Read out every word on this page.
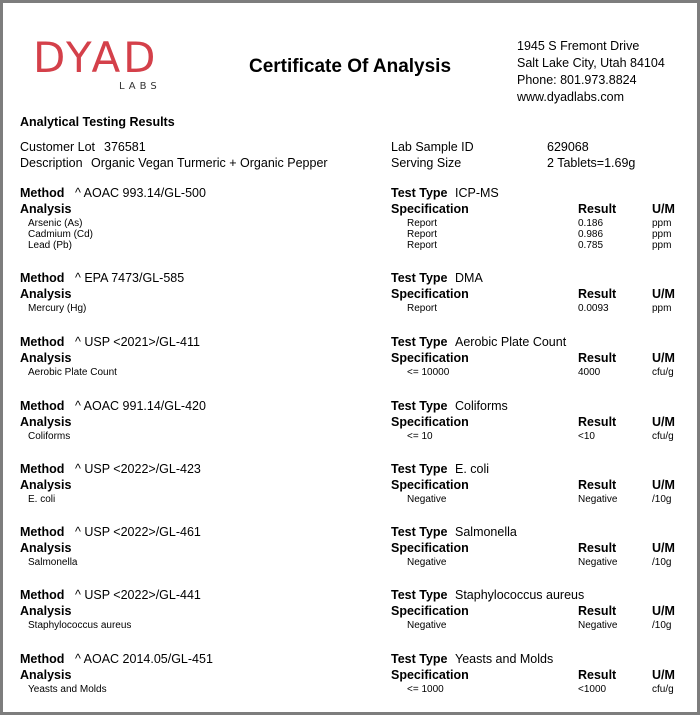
DYAD
LABS
Certificate Of Analysis
1945 S Fremont Drive
Salt Lake City, Utah 84104
Phone: 801.973.8824
www.dyadlabs.com
Analytical Testing Results
Customer Lot 376581
Description Organic Vegan Turmeric + Organic Pepper
Lab Sample ID	629068
Serving Size	2 Tablets=1.69g
Method ^ AOAC 993.14/GL-500
Analysis
Test Type ICP-MS
Specification	Result	U/M
Arsenic (As)	Report	0.186	ppm
Cadmium (Cd)	Report	0.986	ppm
Lead (Pb)	Report	0.785	ppm
Method ^ EPA 7473/GL-585
Analysis
Test Type DMA
Specification	Result	U/M
Mercury (Hg)	Report	0.0093	ppm
Method ^ USP <2021>/GL-411
Analysis
Test Type Aerobic Plate Count
Specification	Result	U/M
Aerobic Plate Count	<= 10000	4000	cfu/g
Method ^ AOAC 991.14/GL-420
Analysis
Test Type Coliforms
Specification	Result	U/M
Coliforms	<= 10	<10	cfu/g
Method ^ USP <2022>/GL-423
Analysis
Test Type E. coli
Specification	Result	U/M
E. coli	Negative	Negative	/10g
Method ^ USP <2022>/GL-461
Analysis
Test Type Salmonella
Specification	Result	U/M
Salmonella	Negative	Negative	/10g
Method ^ USP <2022>/GL-441
Analysis
Test Type Staphylococcus aureus
Specification	Result	U/M
Staphylococcus aureus	Negative	Negative	/10g
Method ^ AOAC 2014.05/GL-451
Analysis
Test Type Yeasts and Molds
Specification	Result	U/M
Yeasts and Molds	<= 1000	<1000	cfu/g
